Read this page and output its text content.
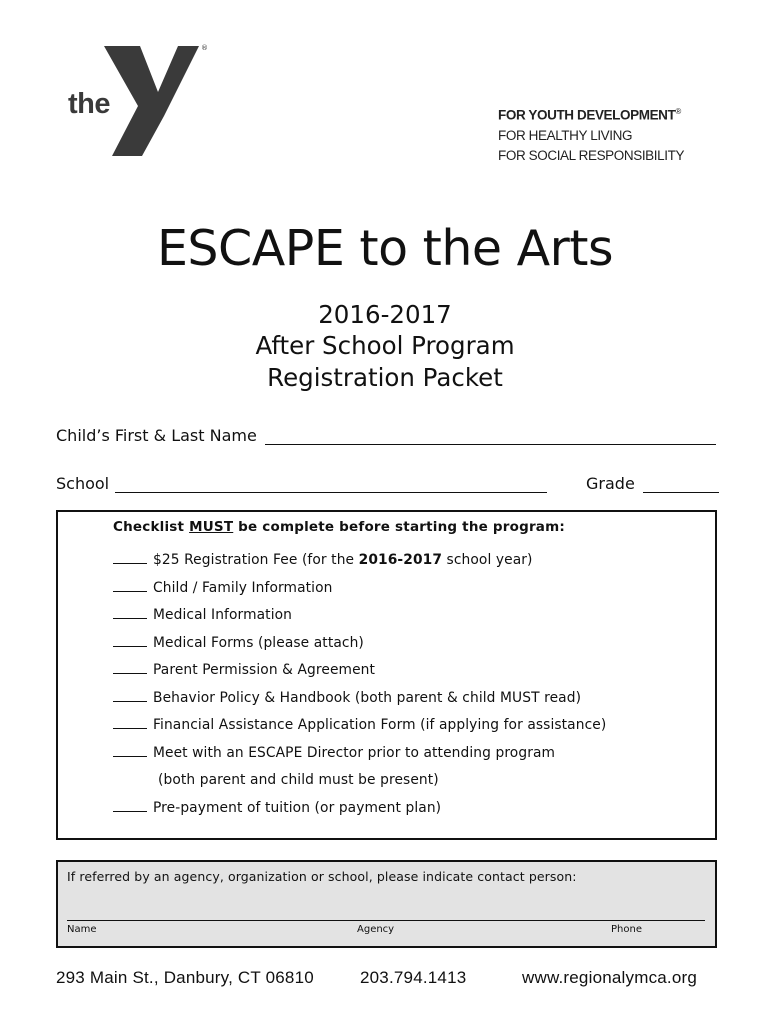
the
YMCA
®
FOR YOUTH DEVELOPMENT®
FOR HEALTHY LIVING
FOR SOCIAL RESPONSIBILITY
ESCAPE to the Arts
2016-2017
After School Program
Registration Packet
Child’s First & Last Name
School	Grade
Checklist MUST be complete before starting the program:
$25 Registration Fee (for the 2016-2017 school year)
Child / Family Information
Medical Information
Medical Forms (please attach)
Parent Permission & Agreement
Behavior Policy & Handbook (both parent & child MUST read)
Financial Assistance Application Form (if applying for assistance)
Meet with an ESCAPE Director prior to attending program
(both parent and child must be present)
Pre-payment of tuition (or payment plan)
If referred by an agency, organization or school, please indicate contact person:
Name	Agency	Phone
293 Main St., Danbury, CT 06810	203.794.1413	www.regionalymca.org
